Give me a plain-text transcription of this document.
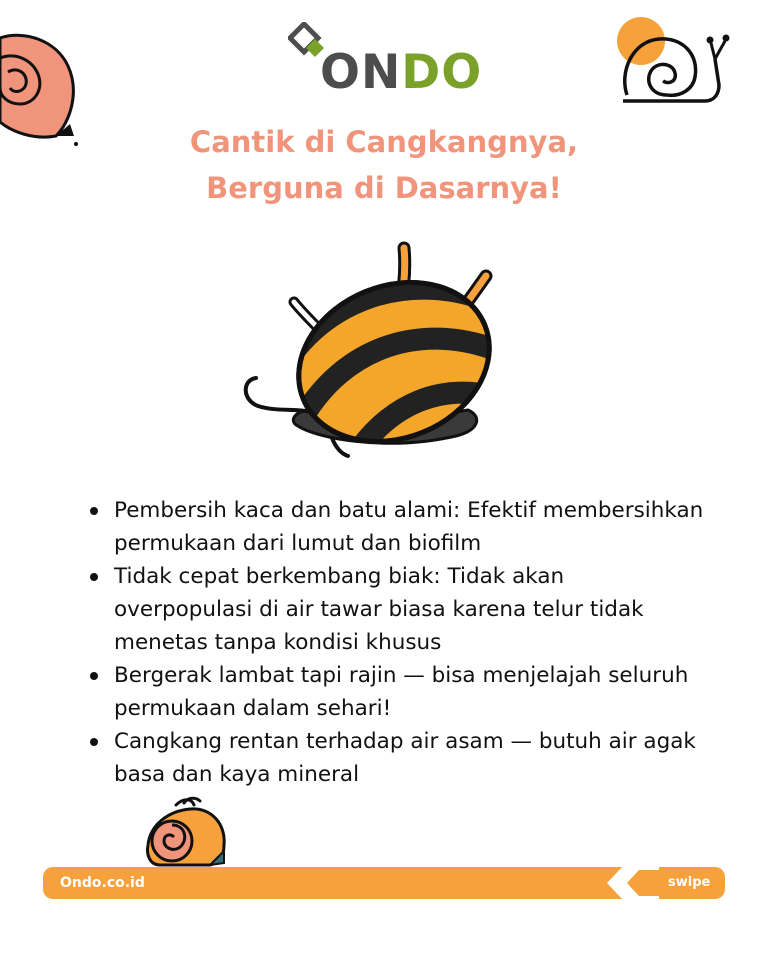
ONDO
Cantik di Cangkangnya,
Berguna di Dasarnya!
Pembersih kaca dan batu alami: Efektif membersihkan permukaan dari lumut dan biofilm
Tidak cepat berkembang biak: Tidak akan overpopulasi di air tawar biasa karena telur tidak menetas tanpa kondisi khusus
Bergerak lambat tapi rajin — bisa menjelajah seluruh permukaan dalam sehari!
Cangkang rentan terhadap air asam — butuh air agak basa dan kaya mineral
Ondo.co.id	swipe
